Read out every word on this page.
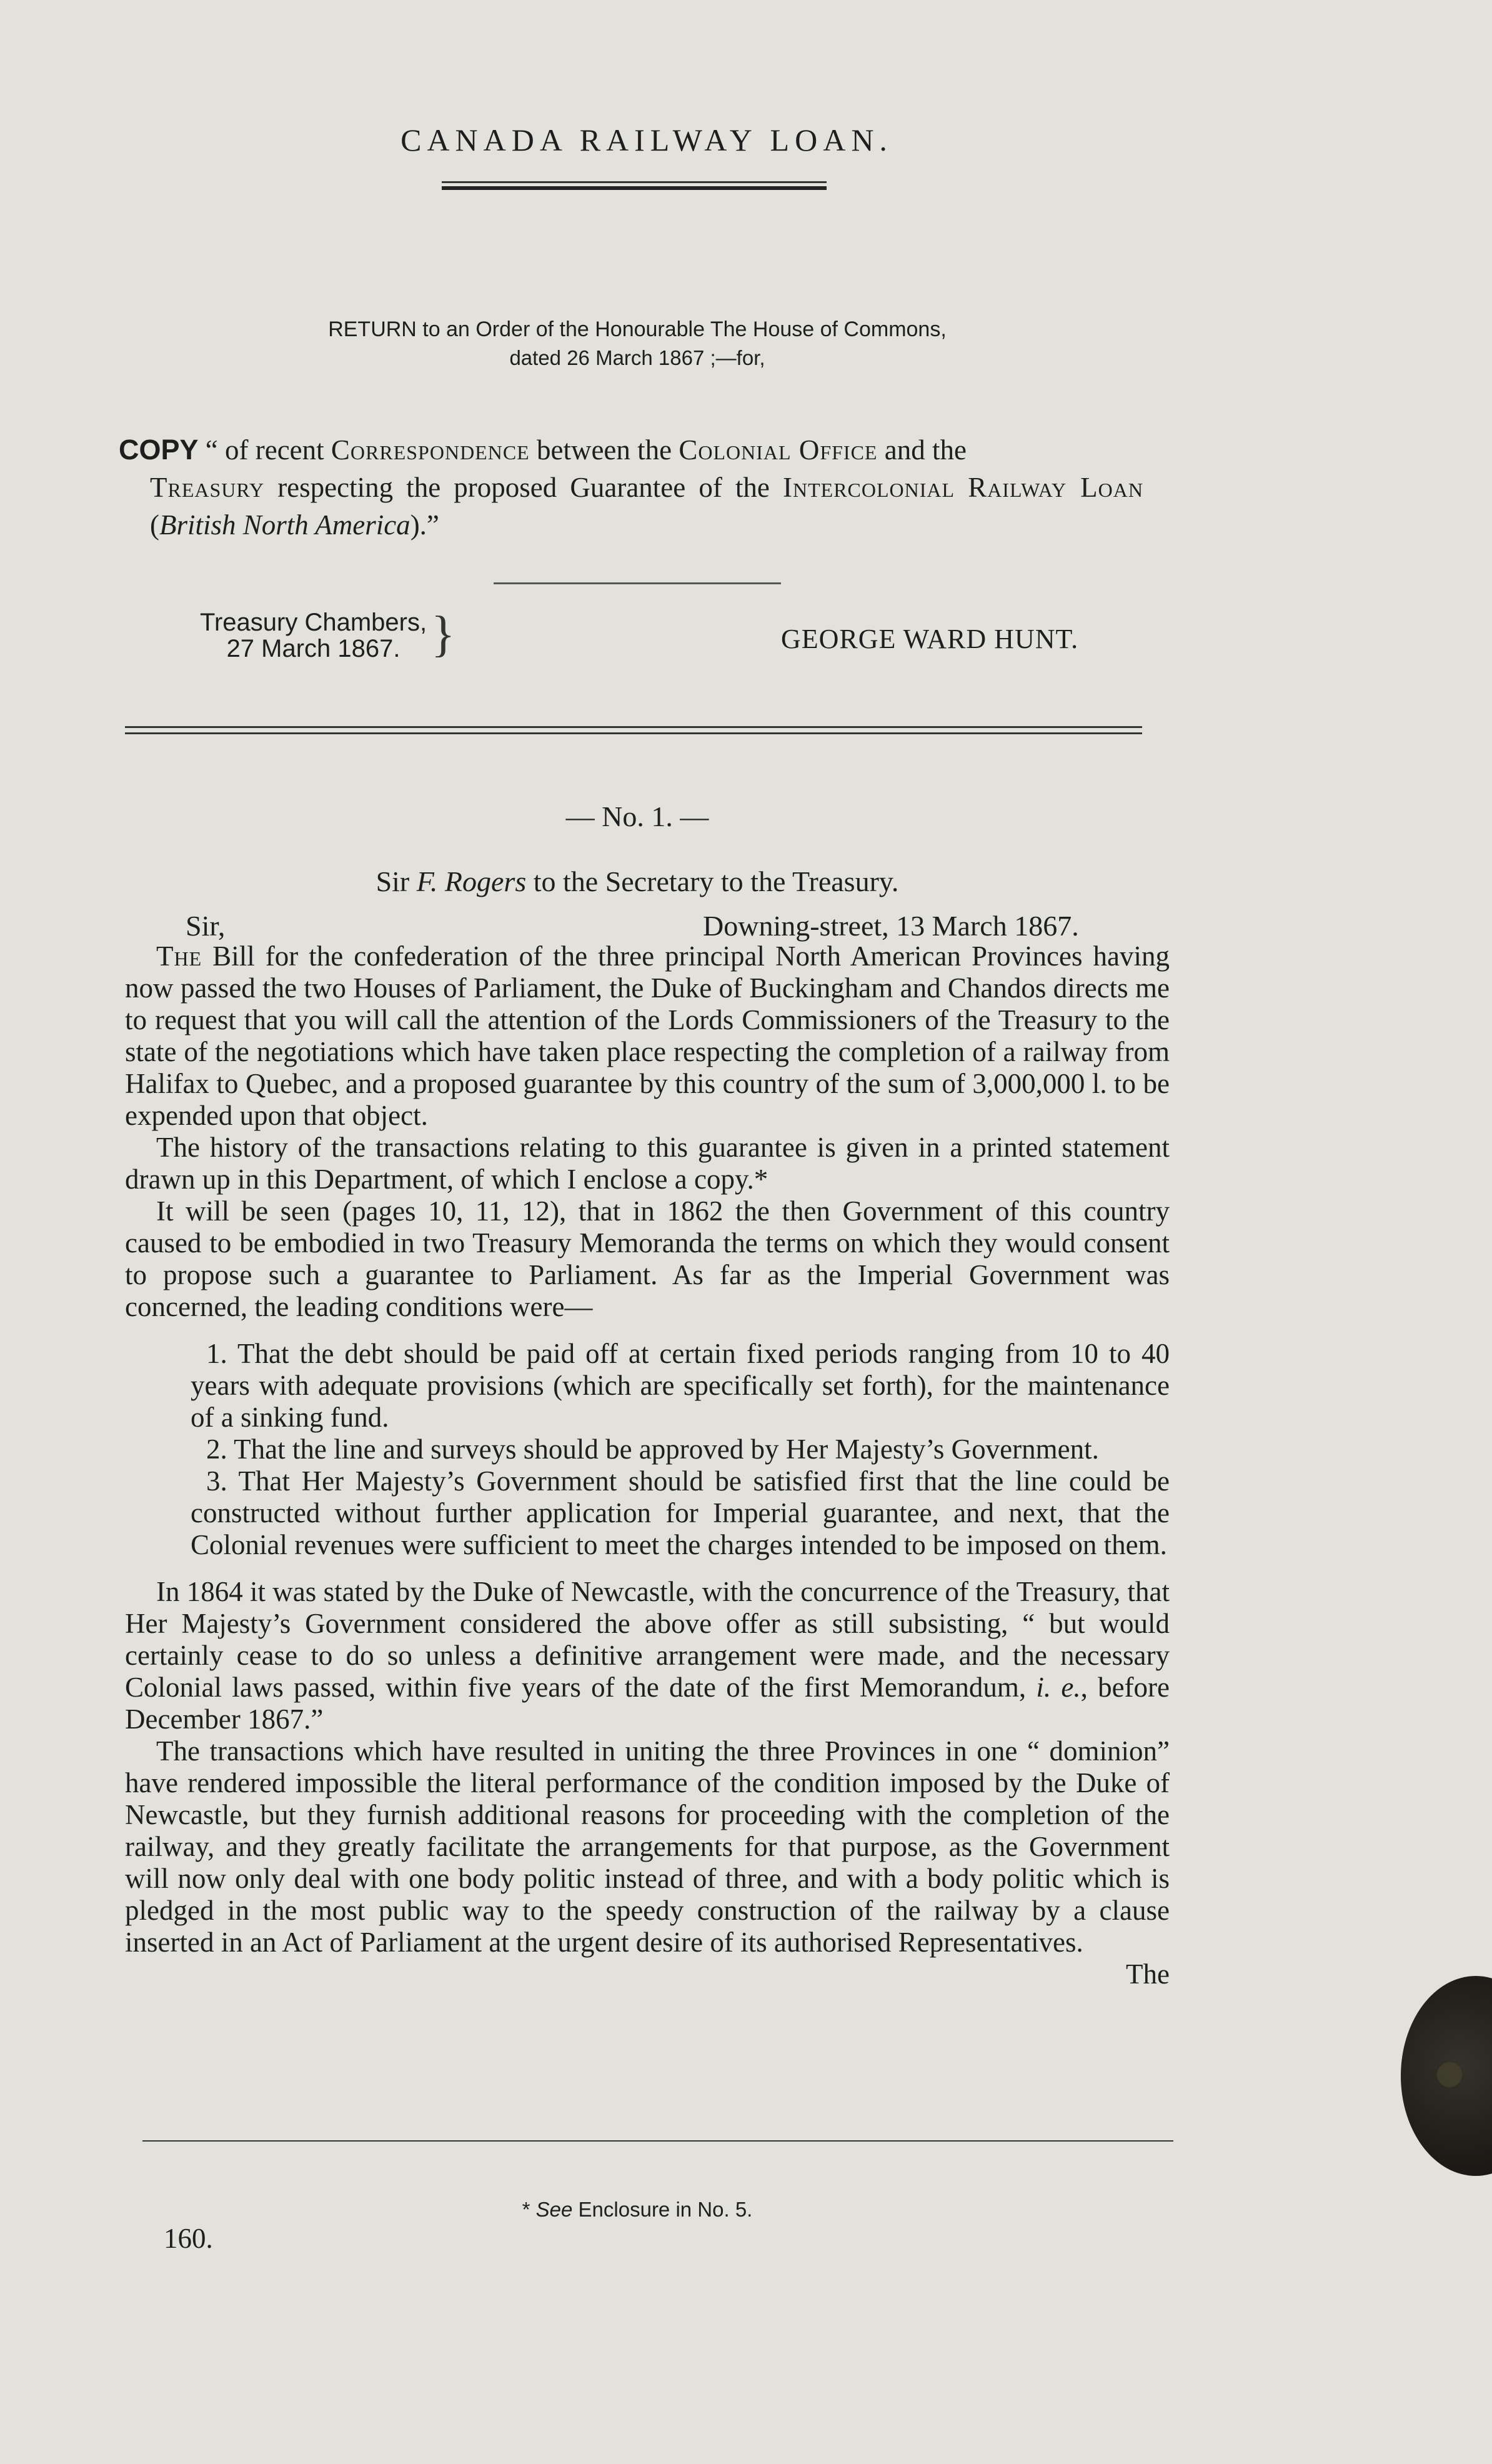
CANADA RAILWAY LOAN.
RETURN to an Order of the Honourable The House of Commons,
dated 26 March 1867 ;—for,
COPY “ of recent Correspondence between the Colonial Office and the
Treasury respecting the proposed Guarantee of the Intercolonial Railway Loan (British North America).”
Treasury Chambers,
27 March 1867. }	GEORGE WARD HUNT.
— No. 1. —
Sir F. Rogers to the Secretary to the Treasury.
Sir,	Downing-street, 13 March 1867.

The Bill for the confederation of the three principal North American Provinces having now passed the two Houses of Parliament, the Duke of Buckingham and Chandos directs me to request that you will call the attention of the Lords Commissioners of the Treasury to the state of the negotiations which have taken place respecting the completion of a railway from Halifax to Quebec, and a proposed guarantee by this country of the sum of 3,000,000 l. to be expended upon that object.

The history of the transactions relating to this guarantee is given in a printed statement drawn up in this Department, of which I enclose a copy.*

It will be seen (pages 10, 11, 12), that in 1862 the then Government of this country caused to be embodied in two Treasury Memoranda the terms on which they would consent to propose such a guarantee to Parliament. As far as the Imperial Government was concerned, the leading conditions were—

1. That the debt should be paid off at certain fixed periods ranging from 10 to 40 years with adequate provisions (which are specifically set forth), for the maintenance of a sinking fund.

2. That the line and surveys should be approved by Her Majesty’s Government.

3. That Her Majesty’s Government should be satisfied first that the line could be constructed without further application for Imperial guarantee, and next, that the Colonial revenues were sufficient to meet the charges intended to be imposed on them.

In 1864 it was stated by the Duke of Newcastle, with the concurrence of the Treasury, that Her Majesty’s Government considered the above offer as still subsisting, “ but would certainly cease to do so unless a definitive arrangement were made, and the necessary Colonial laws passed, within five years of the date of the first Memorandum, i. e., before December 1867.”

The transactions which have resulted in uniting the three Provinces in one “ dominion” have rendered impossible the literal performance of the condition imposed by the Duke of Newcastle, but they furnish additional reasons for proceeding with the completion of the railway, and they greatly facilitate the arrangements for that purpose, as the Government will now only deal with one body politic instead of three, and with a body politic which is pledged in the most public way to the speedy construction of the railway by a clause inserted in an Act of Parliament at the urgent desire of its authorised Representatives.

The

* See Enclosure in No. 5.
160.
